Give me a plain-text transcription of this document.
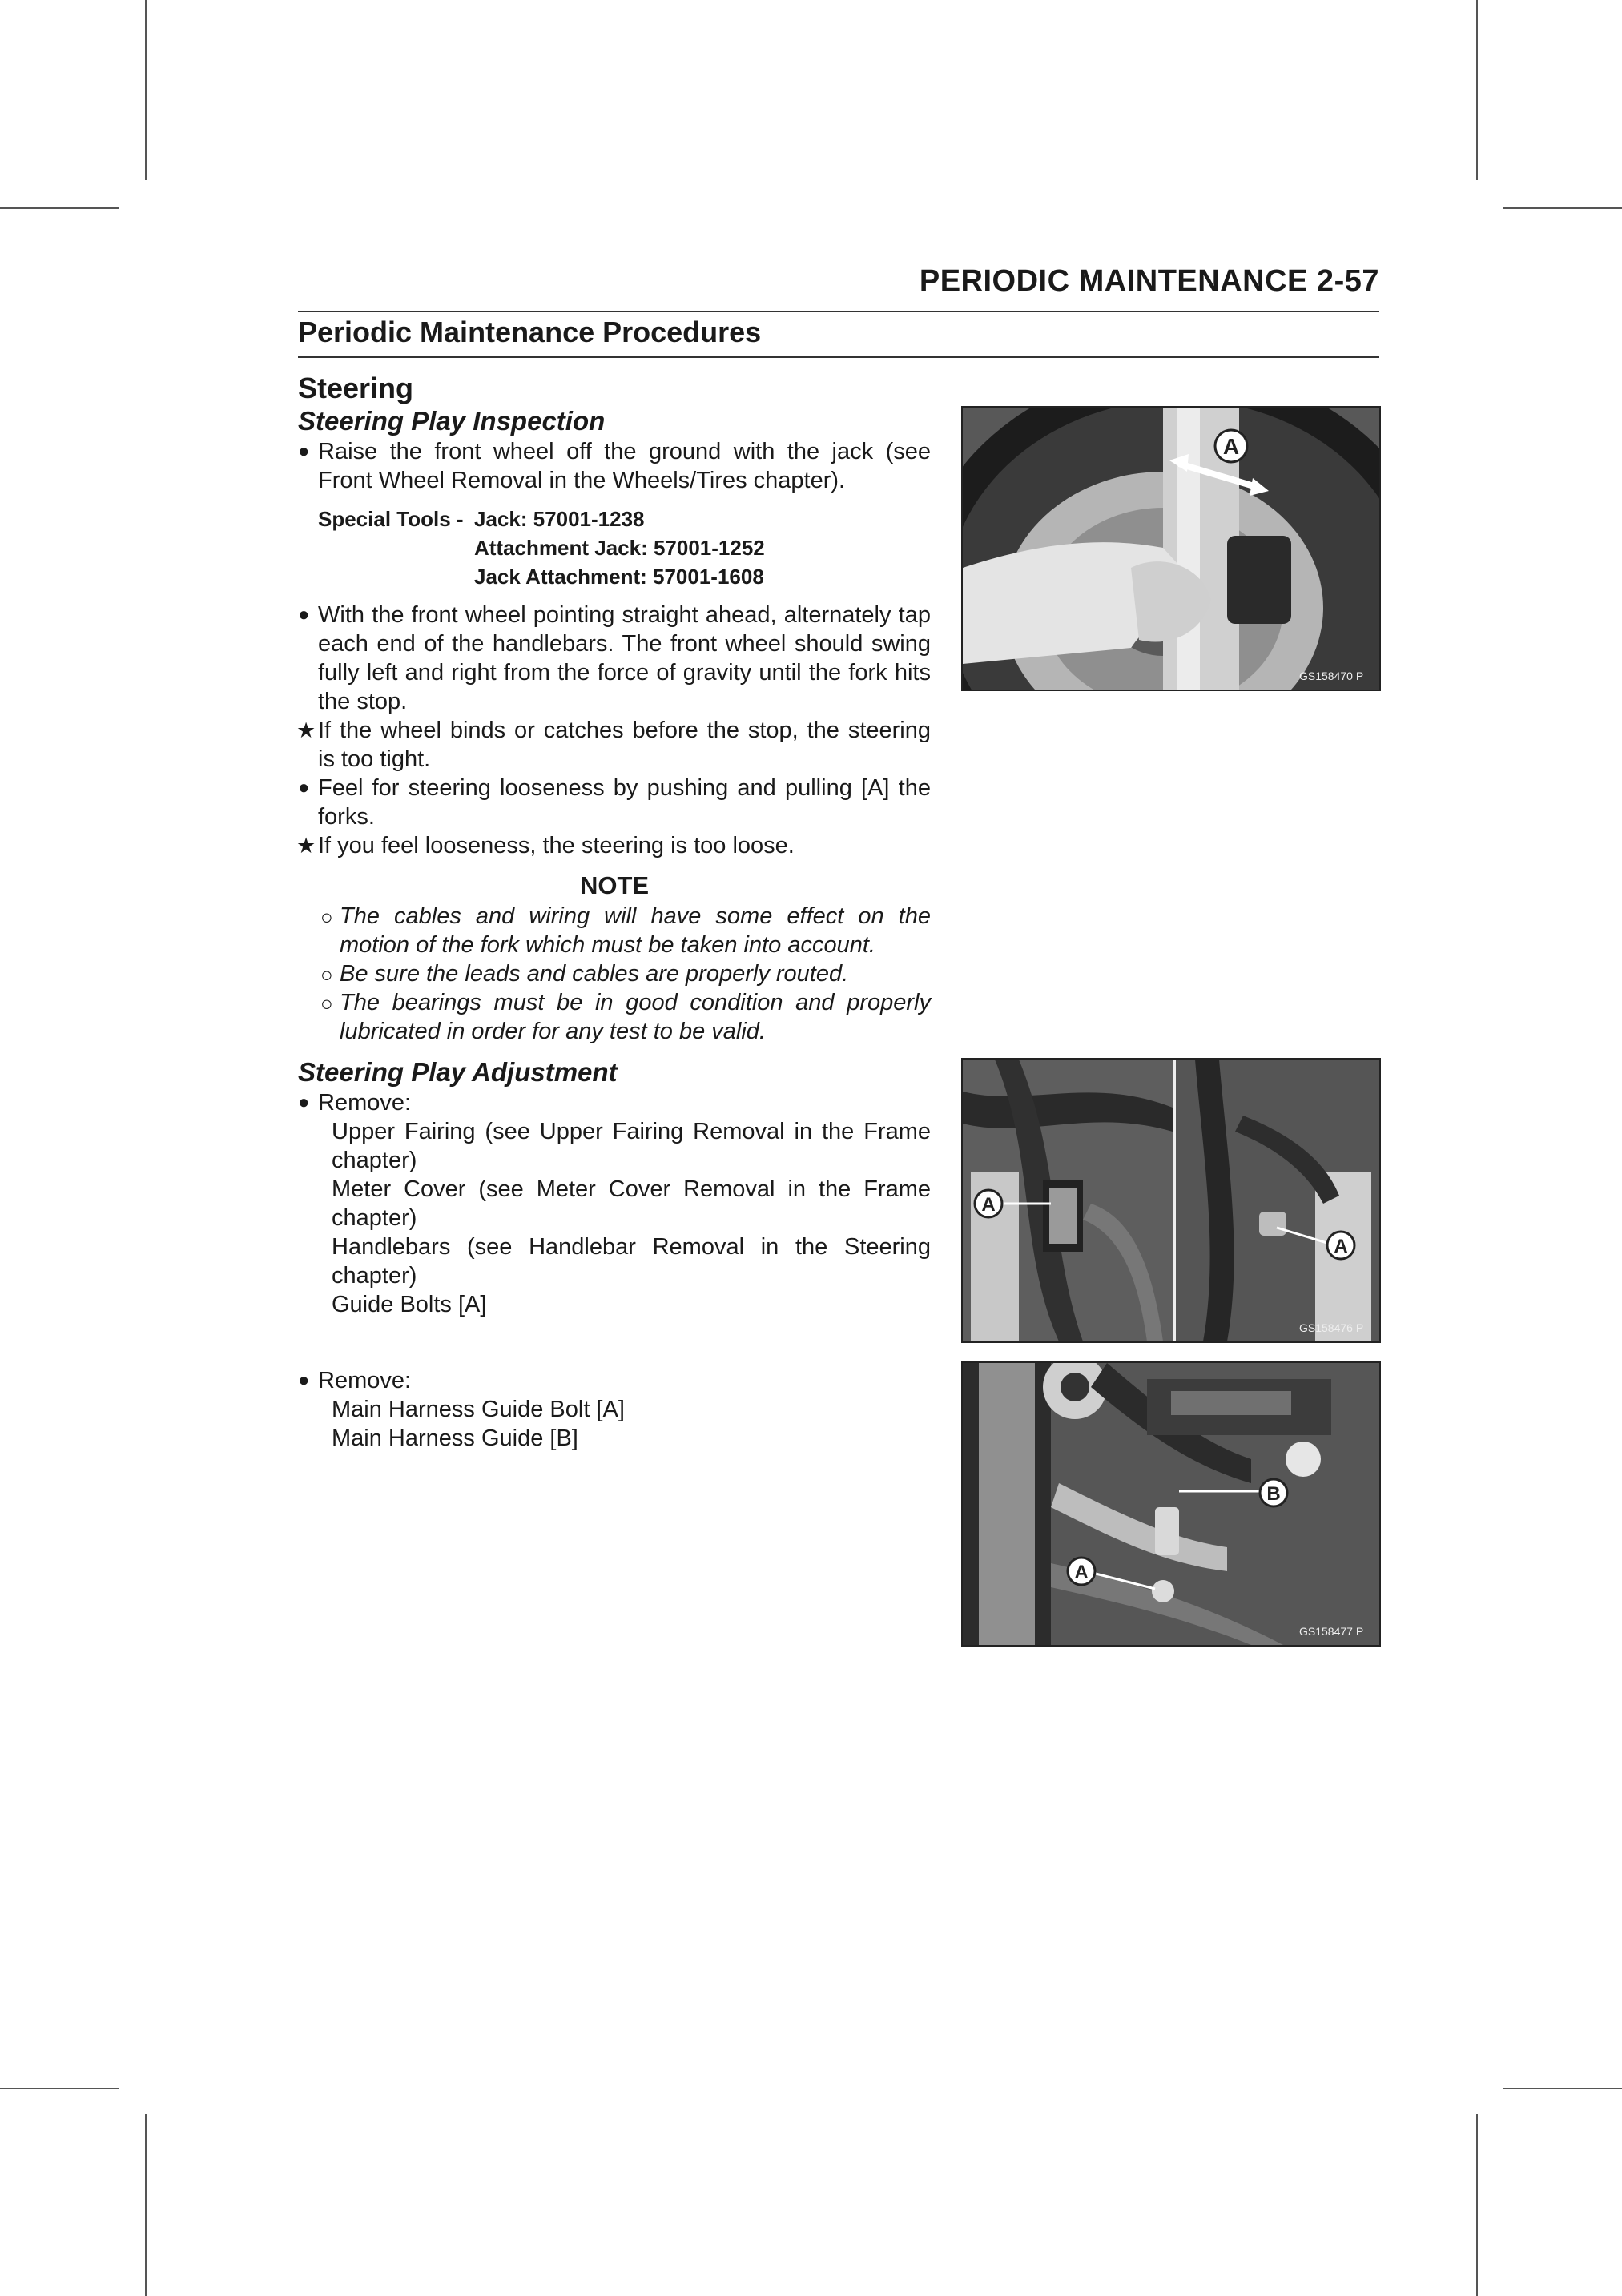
PERIODIC MAINTENANCE 2-57
Periodic Maintenance Procedures
Steering

Steering Play Inspection

● Raise the front wheel off the ground with the jack (see Front Wheel Removal in the Wheels/Tires chapter).

Special Tools - Jack: 57001-1238
Attachment Jack: 57001-1252
Jack Attachment: 57001-1608

● With the front wheel pointing straight ahead, alternately tap each end of the handlebars. The front wheel should swing fully left and right from the force of gravity until the fork hits the stop.

★ If the wheel binds or catches before the stop, the steering is too tight.

● Feel for steering looseness by pushing and pulling [A] the forks.

★ If you feel looseness, the steering is too loose.

NOTE

○ The cables and wiring will have some effect on the motion of the fork which must be taken into account.

○ Be sure the leads and cables are properly routed.

○ The bearings must be in good condition and properly lubricated in order for any test to be valid.

Steering Play Adjustment

● Remove:

Upper Fairing (see Upper Fairing Removal in the Frame chapter)

Meter Cover (see Meter Cover Removal in the Frame chapter)

Handlebars (see Handlebar Removal in the Steering chapter)

Guide Bolts [A]

● Remove:

Main Harness Guide Bolt [A]

Main Harness Guide [B]

A
GS158470 P
A
A
GS158476 P
B
A
GS158477 P
